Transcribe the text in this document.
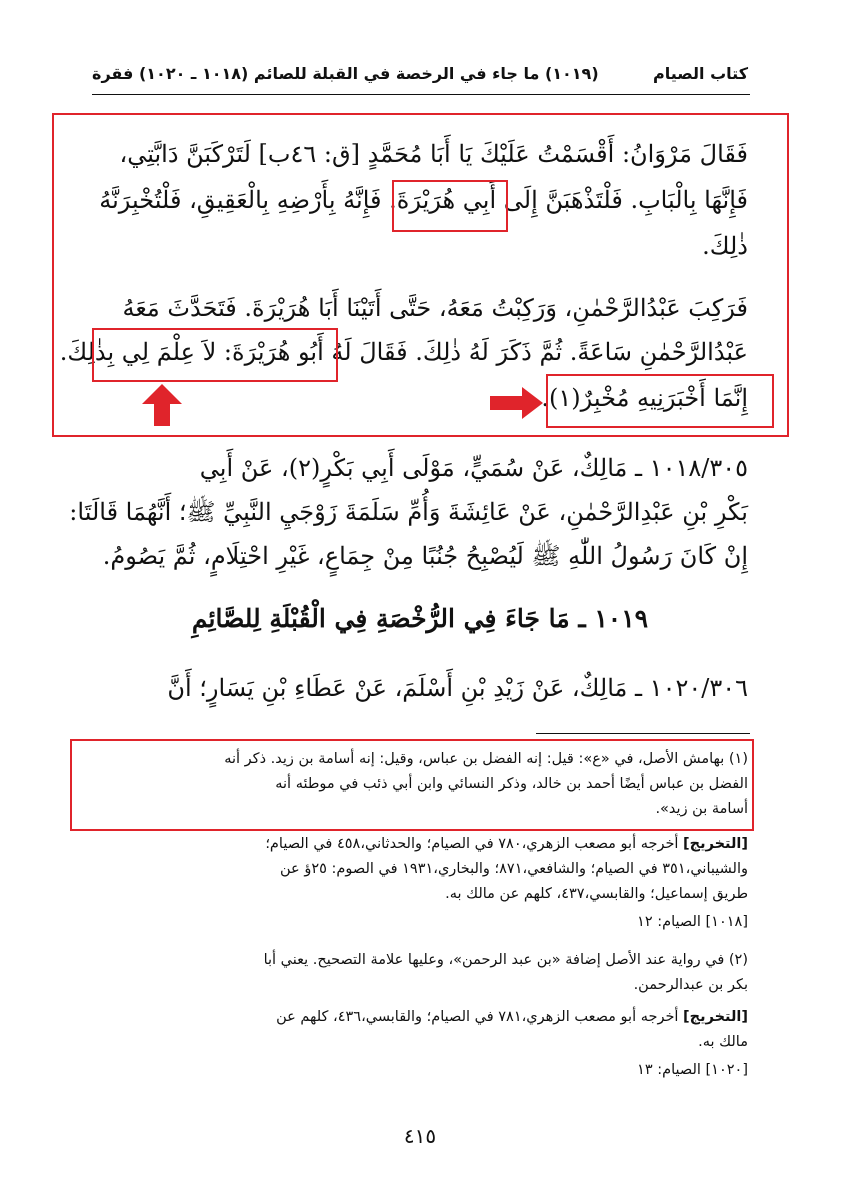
كتاب الصيام
(١٠١٩) ما جاء في الرخصة في القبلة للصائم (١٠١٨ ـ ١٠٢٠) فقرة
فَقَالَ مَرْوَانُ: أَقْسَمْتُ عَلَيْكَ يَا أَبَا مُحَمَّدٍ [ق: ٤٦ب] لَتَرْكَبَنَّ دَابَّتِي،
فَإِنَّهَا بِالْبَابِ. فَلْتَذْهَبَنَّ إِلَى أَبِي هُرَيْرَةَ. فَإِنَّهُ بِأَرْضِهِ بِالْعَقِيقِ، فَلْتُخْبِرَنَّهُ
ذٰلِكَ.
فَرَكِبَ عَبْدُالرَّحْمٰنِ، وَرَكِبْتُ مَعَهُ، حَتَّى أَتَيْنَا أَبَا هُرَيْرَةَ. فَتَحَدَّثَ مَعَهُ
عَبْدُالرَّحْمٰنِ سَاعَةً. ثُمَّ ذَكَرَ لَهُ ذٰلِكَ. فَقَالَ لَهُ أَبُو هُرَيْرَةَ: لاَ عِلْمَ لِي بِذٰلِكَ.
إِنَّمَا أَخْبَرَنِيهِ مُخْبِرٌ(١).
١٠١٨/٣٠٥ ـ مَالِكٌ، عَنْ سُمَيٍّ، مَوْلَى أَبِي بَكْرٍ(٢)، عَنْ أَبِي
بَكْرِ بْنِ عَبْدِالرَّحْمٰنِ، عَنْ عَائِشَةَ وَأُمِّ سَلَمَةَ زَوْجَيِ النَّبِيِّ ﷺ؛ أَنَّهُمَا قَالَتَا:
إِنْ كَانَ رَسُولُ اللّٰهِ ﷺ لَيُصْبِحُ جُنُبًا مِنْ جِمَاعٍ، غَيْرِ احْتِلَامٍ، ثُمَّ يَصُومُ.
١٠١٩ ـ مَا جَاءَ فِي الرُّخْصَةِ فِي الْقُبْلَةِ لِلصَّائِمِ
١٠٢٠/٣٠٦ ـ مَالِكٌ، عَنْ زَيْدِ بْنِ أَسْلَمَ، عَنْ عَطَاءِ بْنِ يَسَارٍ؛ أَنَّ
(١) بهامش الأصل، في «ع»: قيل: إنه الفضل بن عباس، وقيل: إنه أسامة بن زيد. ذكر أنه
الفضل بن عباس أيضًا أحمد بن خالد، وذكر النسائي وابن أبي ذئب في موطئه أنه
أسامة بن زيد».
[التخريج] أخرجه أبو مصعب الزهري،٧٨٠ في الصيام؛ والحدثاني،٤٥٨ في الصيام؛
والشيباني،٣٥١ في الصيام؛ والشافعي،٨٧١؛ والبخاري،١٩٣١ في الصوم: ٢٥ؤ عن
طريق إسماعيل؛ والقابسي،٤٣٧، كلهم عن مالك به.
[١٠١٨] الصيام: ١٢
(٢) في رواية عند الأصل إضافة «بن عبد الرحمن»، وعليها علامة التصحيح. يعني أبا
بكر بن عبدالرحمن.
[التخريج] أخرجه أبو مصعب الزهري،٧٨١ في الصيام؛ والقابسي،٤٣٦، كلهم عن
مالك به.
[١٠٢٠] الصيام: ١٣
٤١٥
